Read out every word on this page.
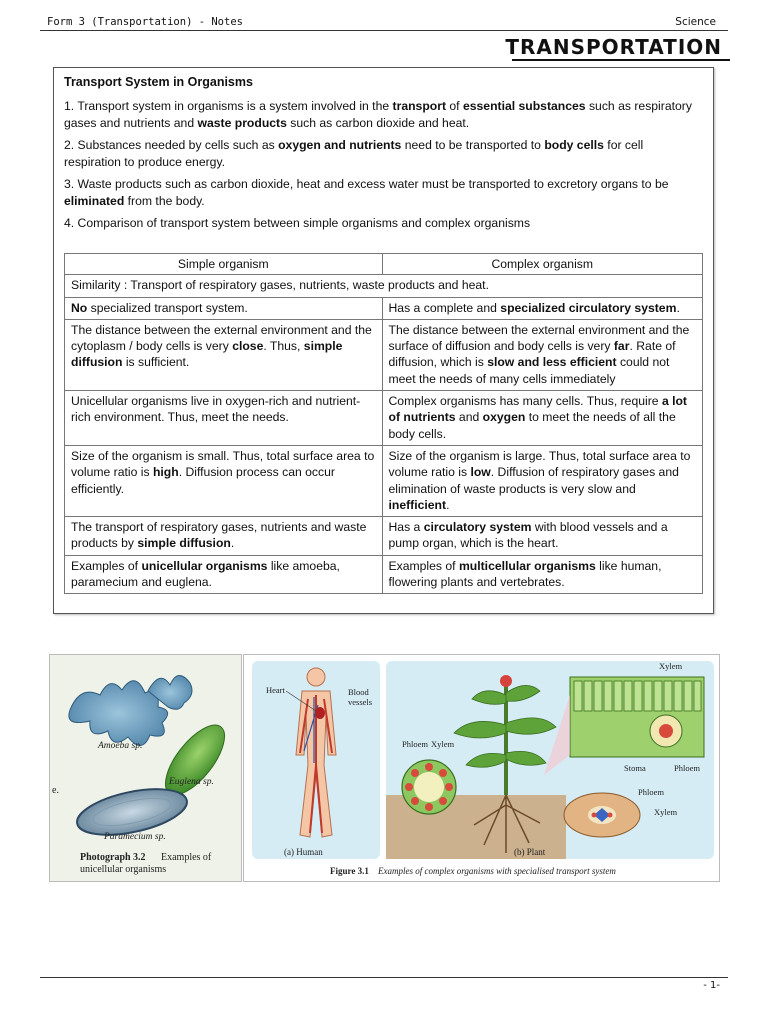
Form 3 (Transportation) - Notes	Science
TRANSPORTATION
Transport System in Organisms

1. Transport system in organisms is a system involved in the transport of essential substances such as respiratory gases and nutrients and waste products such as carbon dioxide and heat.

2. Substances needed by cells such as oxygen and nutrients need to be transported to body cells for cell respiration to produce energy.

3. Waste products such as carbon dioxide, heat and excess water must be transported to excretory organs to be eliminated from the body.

4. Comparison of transport system between simple organisms and complex organisms

Simple organism	Complex organism
Similarity : Transport of respiratory gases, nutrients, waste products and heat.	
No specialized transport system.	Has a complete and specialized circulatory system.
The distance between the external environment and the cytoplasm / body cells is very close. Thus, simple diffusion is sufficient.	The distance between the external environment and the surface of diffusion and body cells is very far. Rate of diffusion, which is slow and less efficient could not meet the needs of many cells immediately
Unicellular organisms live in oxygen-rich and nutrient-rich environment. Thus, meet the needs.	Complex organisms has many cells. Thus, require a lot of nutrients and oxygen to meet the needs of all the body cells.
Size of the organism is small. Thus, total surface area to volume ratio is high. Diffusion process can occur efficiently.	Size of the organism is large. Thus, total surface area to volume ratio is low. Diffusion of respiratory gases and elimination of waste products is very slow and inefficient.
The transport of respiratory gases, nutrients and waste products by simple diffusion.	Has a circulatory system with blood vessels and a pump organ, which is the heart.
Examples of unicellular organisms like amoeba, paramecium and euglena.	Examples of multicellular organisms like human, flowering plants and vertebrates.
Amoeba sp.
Euglena sp.
Paramecium sp.
e.
Photograph 3.2 Examples of
unicellular organisms
Heart	Blood
vessels
(a) Human	(b) Plant
Phloem Xylem
Xylem
Stoma	Phloem
Phloem
Xylem
Figure 3.1 Examples of complex organisms with specialised transport system
- 1-
